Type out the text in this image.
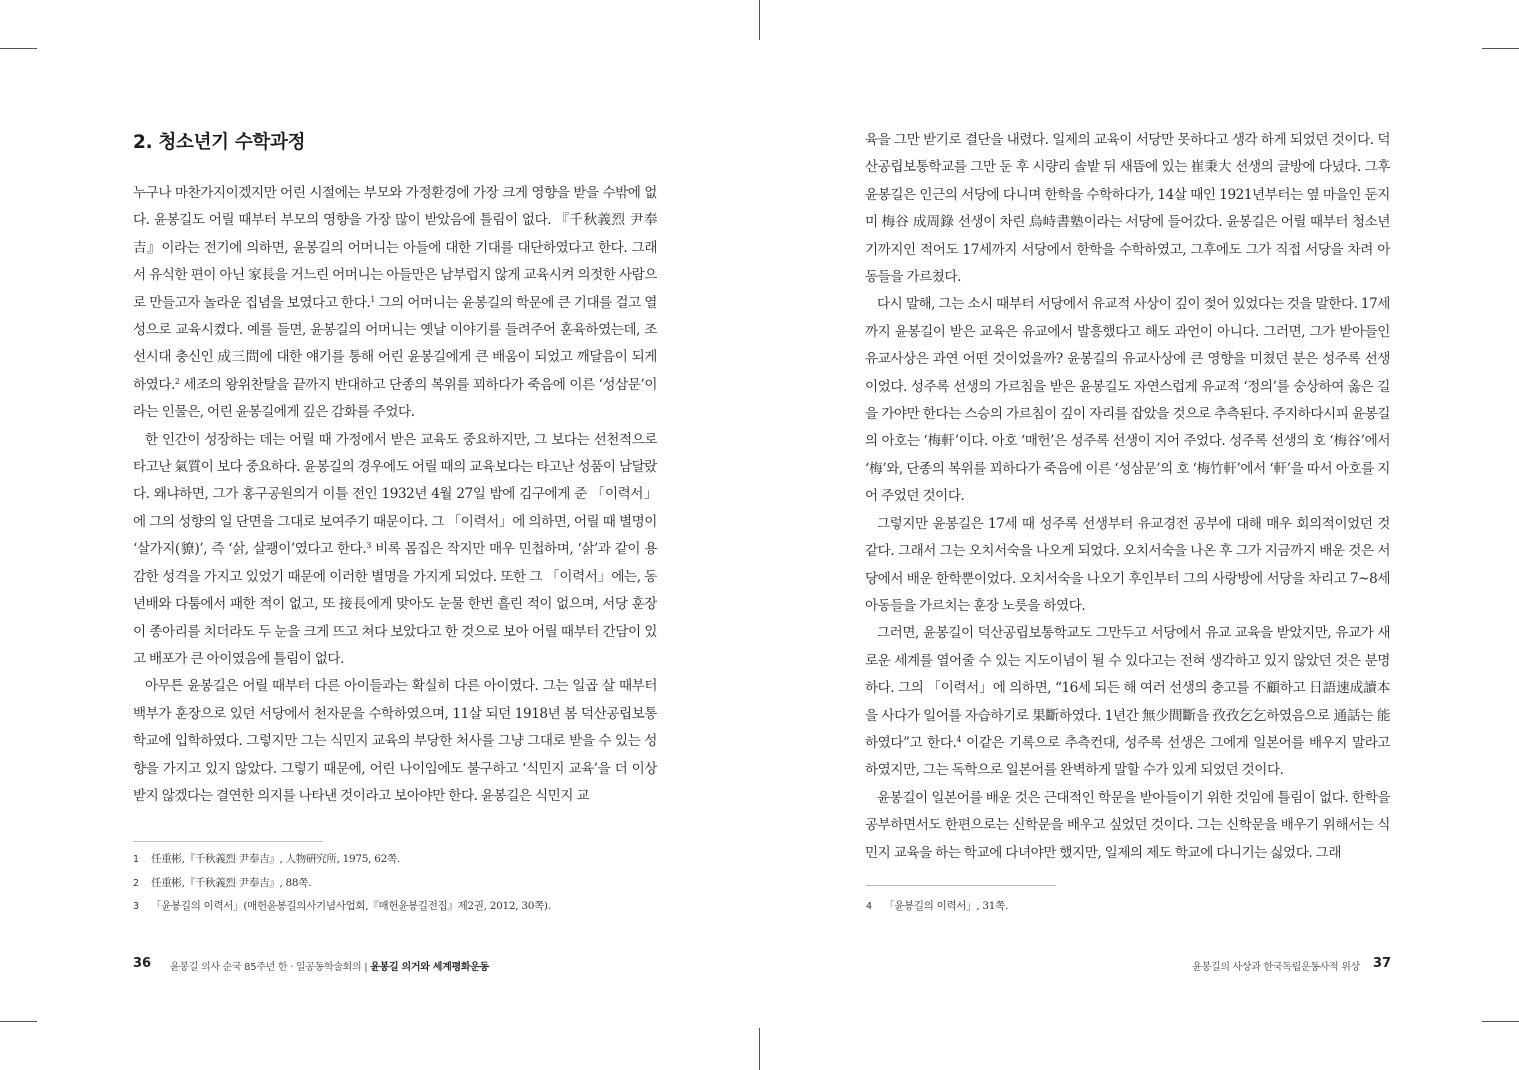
2. 청소년기 수학과정

누구나 마찬가지이겠지만 어린 시절에는 부모와 가정환경에 가장 크게 영향을 받을 수밖에 없다. 윤봉길도 어릴 때부터 부모의 영향을 가장 많이 받았음에 틀림이 없다. 『千秋義烈 尹奉吉』이라는 전기에 의하면, 윤봉길의 어머니는 아들에 대한 기대를 대단하였다고 한다. 그래서 유식한 편이 아닌 家長을 거느린 어머니는 아들만은 남부럽지 않게 교육시켜 의젓한 사람으로 만들고자 놀라운 집념을 보였다고 한다.$^1$ 그의 어머니는 윤봉길의 학문에 큰 기대를 걸고 열성으로 교육시켰다. 예를 들면, 윤봉길의 어머니는 옛날 이야기를 들려주어 훈육하였는데, 조선시대 충신인 成三問에 대한 얘기를 통해 어린 윤봉길에게 큰 배움이 되었고 깨달음이 되게 하였다.$^2$ 세조의 왕위찬탈을 끝까지 반대하고 단종의 복위를 꾀하다가 죽음에 이른 ‘성삼문’이라는 인물은, 어린 윤봉길에게 깊은 감화를 주었다.

한 인간이 성장하는 데는 어릴 때 가정에서 받은 교육도 중요하지만, 그 보다는 선천적으로 타고난 氣質이 보다 중요하다. 윤봉길의 경우에도 어릴 때의 교육보다는 타고난 성품이 남달랐다. 왜냐하면, 그가 홍구공원의거 이틀 전인 1932년 4월 27일 밤에 김구에게 준 「이력서」에 그의 성향의 일 단면을 그대로 보여주기 때문이다. 그 「이력서」에 의하면, 어릴 때 별명이 ‘살가지(䝤)’, 즉 ‘삵, 살쾡이’였다고 한다.$^3$ 비록 몸집은 작지만 매우 민첩하며, ‘삵’과 같이 용감한 성격을 가지고 있었기 때문에 이러한 별명을 가지게 되었다. 또한 그 「이력서」에는, 동년배와 다툼에서 패한 적이 없고, 또 接長에게 맞아도 눈물 한번 흘린 적이 없으며, 서당 훈장이 종아리를 치더라도 두 눈을 크게 뜨고 쳐다 보았다고 한 것으로 보아 어릴 때부터 간담이 있고 배포가 큰 아이였음에 틀림이 없다.

아무튼 윤봉길은 어릴 때부터 다른 아이들과는 확실히 다른 아이였다. 그는 일곱 살 때부터 백부가 훈장으로 있던 서당에서 천자문을 수학하였으며, 11살 되던 1918년 봄 덕산공립보통학교에 입학하였다. 그렇지만 그는 식민지 교육의 부당한 처사를 그냥 그대로 받을 수 있는 성향을 가지고 있지 않았다. 그렇기 때문에, 어린 나이임에도 불구하고 ‘식민지 교육’을 더 이상 받지 않겠다는 결연한 의지를 나타낸 것이라고 보아야만 한다. 윤봉길은 식민지 교

1 任重彬,『千秋義烈 尹奉吉』, 人物硏究所, 1975, 62쪽.
2 任重彬,『千秋義烈 尹奉吉』, 88쪽.
3 「윤봉길의 이력서」(매헌윤봉길의사기념사업회,『매헌윤봉길전집』제2권, 2012, 30쪽).
36 윤봉길 의사 순국 85주년 한 · 일공동학술회의 | 윤봉길 의거와 세계평화운동

육을 그만 받기로 결단을 내렸다. 일제의 교육이 서당만 못하다고 생각 하게 되었던 것이다. 덕산공립보통학교를 그만 둔 후 시량리 솔밭 뒤 새뜸에 있는 崔秉大 선생의 글방에 다녔다. 그후 윤봉길은 인근의 서당에 다니며 한학을 수학하다가, 14살 때인 1921년부터는 옆 마을인 둔지미 梅谷 成周錄 선생이 차린 烏峙書塾이라는 서당에 들어갔다. 윤봉길은 어릴 때부터 청소년기까지인 적어도 17세까지 서당에서 한학을 수학하였고, 그후에도 그가 직접 서당을 차려 아동들을 가르쳤다.

다시 말해, 그는 소시 때부터 서당에서 유교적 사상이 깊이 젖어 있었다는 것을 말한다. 17세까지 윤봉길이 받은 교육은 유교에서 발흥했다고 해도 과언이 아니다. 그러면, 그가 받아들인 유교사상은 과연 어떤 것이었을까? 윤봉길의 유교사상에 큰 영향을 미쳤던 분은 성주록 선생이었다. 성주록 선생의 가르침을 받은 윤봉길도 자연스럽게 유교적 ‘정의’를 숭상하여 옳은 길을 가야만 한다는 스승의 가르침이 깊이 자리를 잡았을 것으로 추측된다. 주지하다시피 윤봉길의 아호는 ‘梅軒’이다. 아호 ‘매헌’은 성주록 선생이 지어 주었다. 성주록 선생의 호 ‘梅谷’에서 ‘梅’와, 단종의 복위를 꾀하다가 죽음에 이른 ‘성삼문’의 호 ‘梅竹軒’에서 ‘軒’을 따서 아호를 지어 주었던 것이다.

그렇지만 윤봉길은 17세 때 성주록 선생부터 유교경전 공부에 대해 매우 회의적이었던 것 같다. 그래서 그는 오치서숙을 나오게 되었다. 오치서숙을 나온 후 그가 지금까지 배운 것은 서당에서 배운 한학뿐이었다. 오치서숙을 나오기 후인부터 그의 사랑방에 서당을 차리고 7~8세 아동들을 가르치는 훈장 노릇을 하였다.

그러면, 윤봉길이 덕산공립보통학교도 그만두고 서당에서 유교 교육을 받았지만, 유교가 새로운 세계를 열어줄 수 있는 지도이념이 될 수 있다고는 전혀 생각하고 있지 않았던 것은 분명하다. 그의 「이력서」에 의하면, “16세 되든 해 여러 선생의 충고를 不顧하고 日語速成讀本을 사다가 일어를 자습하기로 果斷하였다. 1년간 無少間斷을 孜孜乞乞하였음으로 通話는 能하였다”고 한다.$^4$ 이같은 기록으로 추측컨대, 성주록 선생은 그에게 일본어를 배우지 말라고 하였지만, 그는 독학으로 일본어를 완벽하게 말할 수가 있게 되었던 것이다.

윤봉길이 일본어를 배운 것은 근대적인 학문을 받아들이기 위한 것임에 틀림이 없다. 한학을 공부하면서도 한편으로는 신학문을 배우고 싶었던 것이다. 그는 신학문을 배우기 위해서는 식민지 교육을 하는 학교에 다녀야만 했지만, 일제의 제도 학교에 다니기는 싫었다. 그래

4 「윤봉길의 이력서」, 31쪽.
윤봉길의 사상과 한국독립운동사적 위상 37
